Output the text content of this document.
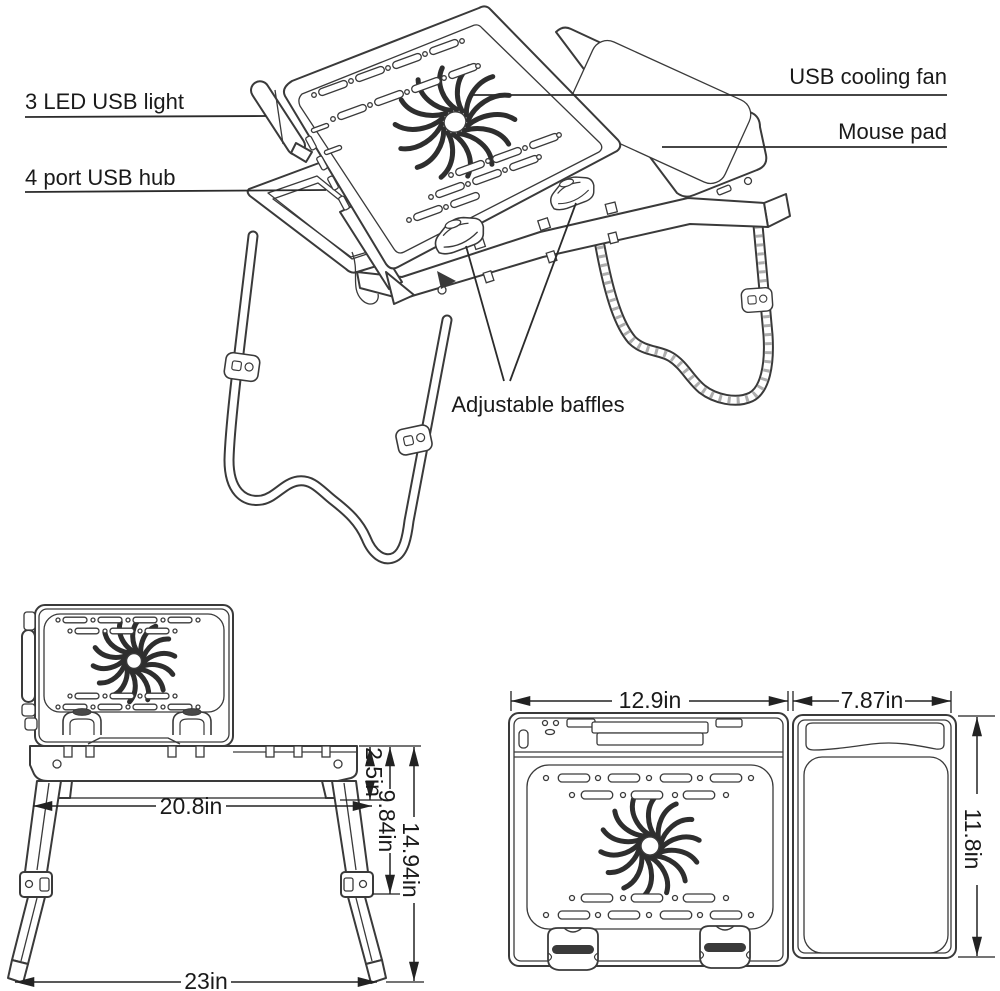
3 LED USB light
4 port USB hub
USB cooling fan
Mouse pad
Adjustable baffles
20.8in
23in
2.5in
9.84in
14.94in
12.9in	7.87in
11.8in
